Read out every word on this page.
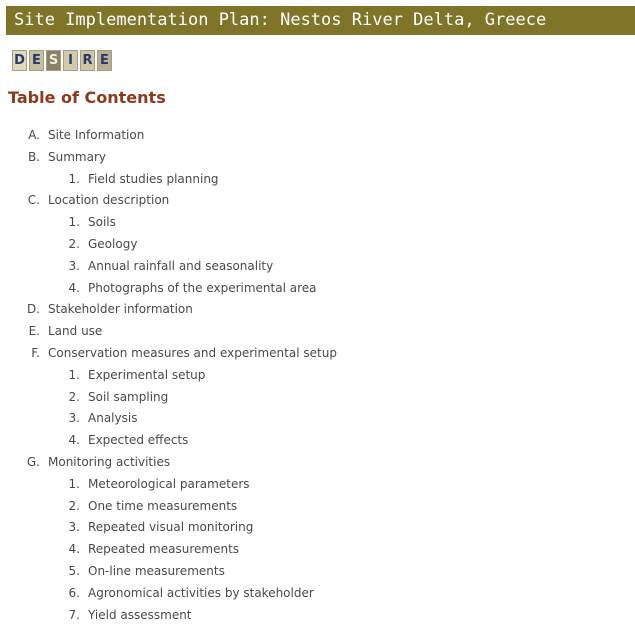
Site Implementation Plan: Nestos River Delta, Greece
D E S I R E
Table of Contents
A. Site Information
B. Summary
1. Field studies planning
C. Location description
1. Soils
2. Geology
3. Annual rainfall and seasonality
4. Photographs of the experimental area
D. Stakeholder information
E. Land use
F. Conservation measures and experimental setup
1. Experimental setup
2. Soil sampling
3. Analysis
4. Expected effects
G. Monitoring activities
1. Meteorological parameters
2. One time measurements
3. Repeated visual monitoring
4. Repeated measurements
5. On-line measurements
6. Agronomical activities by stakeholder
7. Yield assessment
